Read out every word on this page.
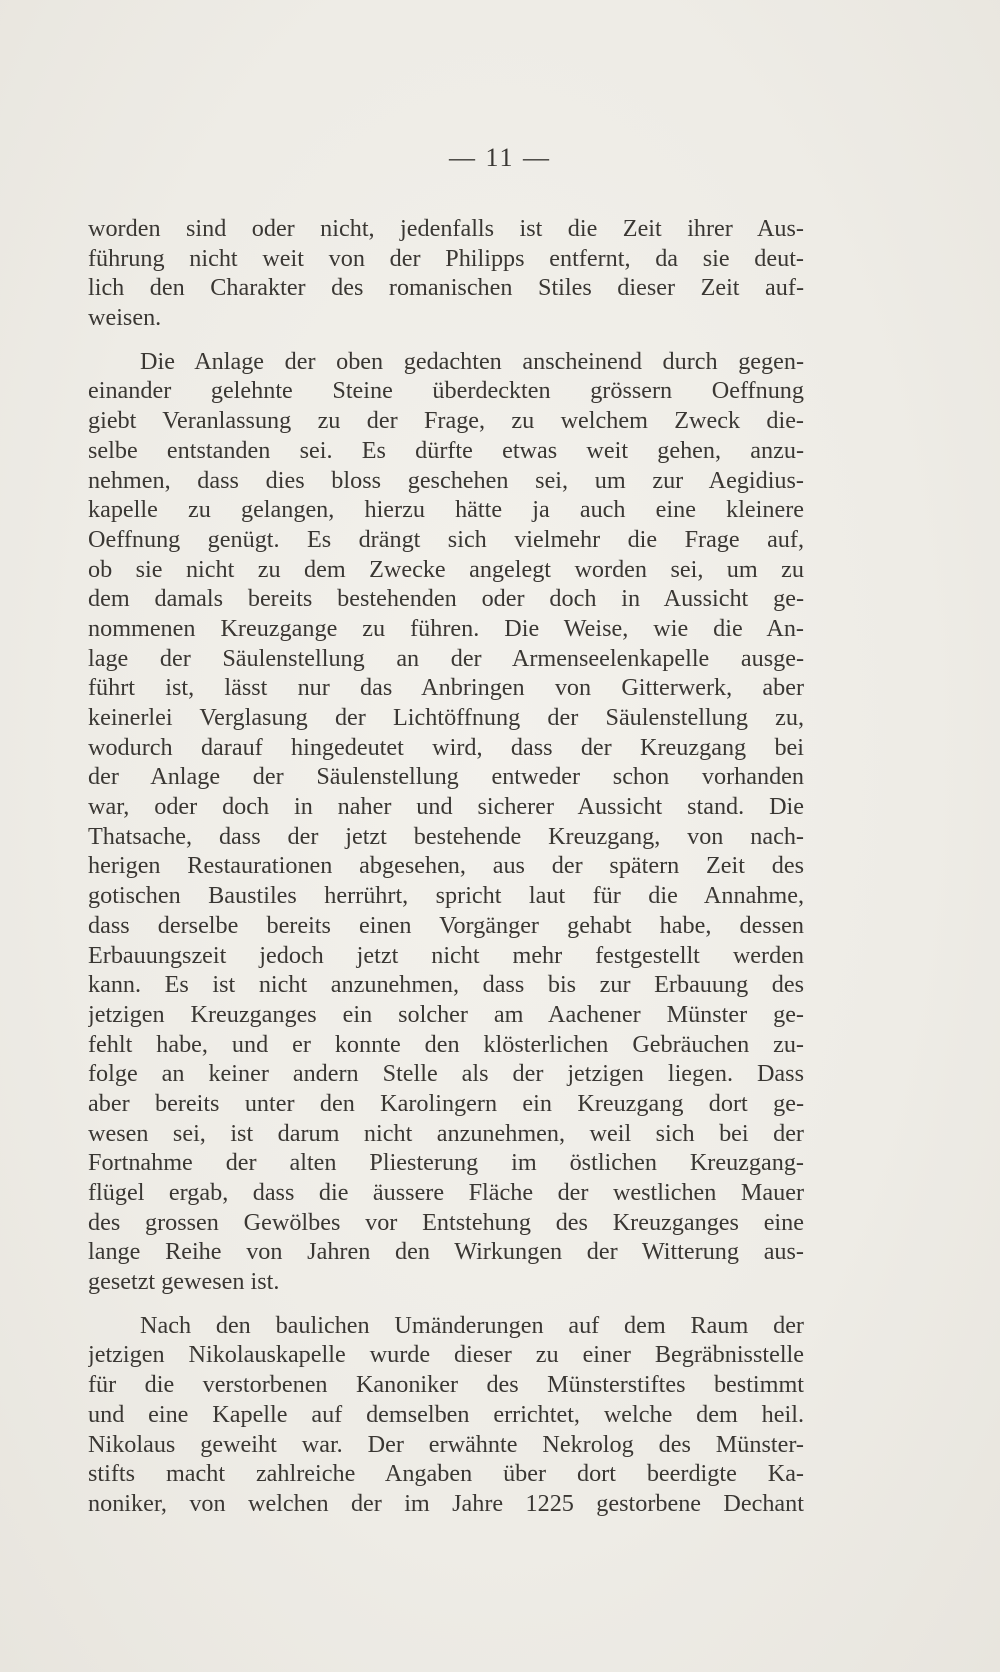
— 11 —
worden sind oder nicht, jedenfalls ist die Zeit ihrer Aus-
führung nicht weit von der Philipps entfernt, da sie deut-
lich den Charakter des romanischen Stiles dieser Zeit auf-
weisen.
Die Anlage der oben gedachten anscheinend durch gegen-
einander gelehnte Steine überdeckten grössern Oeffnung
giebt Veranlassung zu der Frage, zu welchem Zweck die-
selbe entstanden sei. Es dürfte etwas weit gehen, anzu-
nehmen, dass dies bloss geschehen sei, um zur Aegidius-
kapelle zu gelangen, hierzu hätte ja auch eine kleinere
Oeffnung genügt. Es drängt sich vielmehr die Frage auf,
ob sie nicht zu dem Zwecke angelegt worden sei, um zu
dem damals bereits bestehenden oder doch in Aussicht ge-
nommenen Kreuzgange zu führen. Die Weise, wie die An-
lage der Säulenstellung an der Armenseelenkapelle ausge-
führt ist, lässt nur das Anbringen von Gitterwerk, aber
keinerlei Verglasung der Lichtöffnung der Säulenstellung zu,
wodurch darauf hingedeutet wird, dass der Kreuzgang bei
der Anlage der Säulenstellung entweder schon vorhanden
war, oder doch in naher und sicherer Aussicht stand. Die
Thatsache, dass der jetzt bestehende Kreuzgang, von nach-
herigen Restaurationen abgesehen, aus der spätern Zeit des
gotischen Baustiles herrührt, spricht laut für die Annahme,
dass derselbe bereits einen Vorgänger gehabt habe, dessen
Erbauungszeit jedoch jetzt nicht mehr festgestellt werden
kann. Es ist nicht anzunehmen, dass bis zur Erbauung des
jetzigen Kreuzganges ein solcher am Aachener Münster ge-
fehlt habe, und er konnte den klösterlichen Gebräuchen zu-
folge an keiner andern Stelle als der jetzigen liegen. Dass
aber bereits unter den Karolingern ein Kreuzgang dort ge-
wesen sei, ist darum nicht anzunehmen, weil sich bei der
Fortnahme der alten Pliesterung im östlichen Kreuzgang-
flügel ergab, dass die äussere Fläche der westlichen Mauer
des grossen Gewölbes vor Entstehung des Kreuzganges eine
lange Reihe von Jahren den Wirkungen der Witterung aus-
gesetzt gewesen ist.
Nach den baulichen Umänderungen auf dem Raum der
jetzigen Nikolauskapelle wurde dieser zu einer Begräbnisstelle
für die verstorbenen Kanoniker des Münsterstiftes bestimmt
und eine Kapelle auf demselben errichtet, welche dem heil.
Nikolaus geweiht war. Der erwähnte Nekrolog des Münster-
stifts macht zahlreiche Angaben über dort beerdigte Ka-
noniker, von welchen der im Jahre 1225 gestorbene Dechant
